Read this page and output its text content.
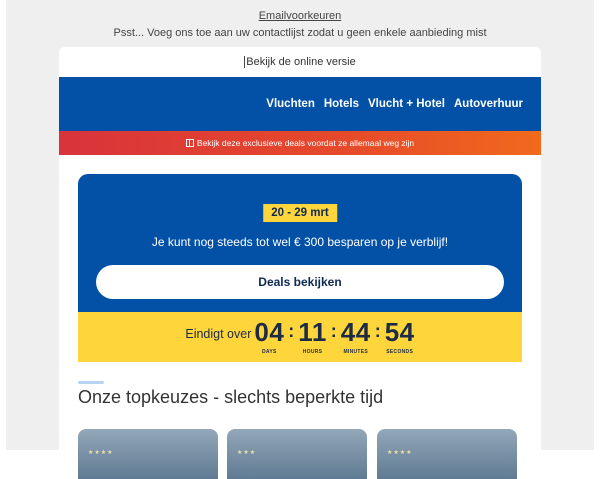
Emailvoorkeuren
Psst... Voeg ons toe aan uw contactlijst zodat u geen enkele aanbieding mist
Bekijk de online versie
Vluchten Hotels Vlucht + Hotel Autoverhuur
Bekijk deze exclusieve deals voordat ze allemaal weg zijn
20 - 29 mrt
Je kunt nog steeds tot wel € 300 besparen op je verblijf!
Deals bekijken
Eindigt over 04
DAYS
: 11
HOURS
: 44
MINUTES
: 54
SECONDS
Onze topkeuzes - slechts beperkte tijd
★★★★	★★★	★★★★
